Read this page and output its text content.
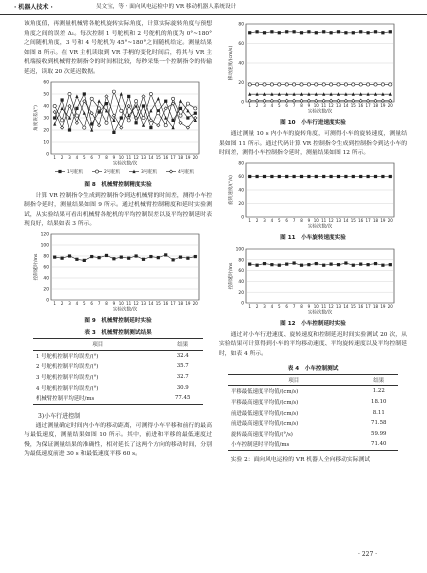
· 机器人技术 ·	吴文宝，等 · 面向风电运检中的 VR 移动机器人系统设计

该角度值，再测量机械臂各舵机旋转实际角度，计算实际旋转角度与预想角度之间的误差 Δ₁。每次控制 1 号舵机和 2 号舵机的角度为 0°~180°之间随机角度，3 号和 4 号舵机为 45°~180°之间随机给定。测量结果如图 8 所示。在 VR 主机读取到 VR 手柄的变化时间后，将其与 VR 主机端接收到机械臂控制指令的时间相比较，每秒采集一个控制指令的传输延迟，读取 20 次延迟数据。

0
10
20
30
40
50
60
1 2 3 4 5 6 7 8 9 10 11 12 13 14 15 16 17 18 19 20
实验次数/次
角度误差/(°)
1号舵机	2号舵机	3号舵机	4号舵机
图 8　机械臂控制精度实验

计算 VR 控制指令生成到控制指令到达机械臂的时间差，测得小车控制指令延时，测量结果如图 9 所示。通过机械臂控制精度和延时实验测试，从实验结果可看出机械臂各舵机的平均控制误差以及平均控制延时表现良好，结果如表 3 所示。

0
20
40
60
80
100
120
1 2 3 4 5 6 7 8 9 10 11 12 13 14 15 16 17 18 19 20
实验次数/次
控制延时/ms
图 9　机械臂控制延时实验
表 3　机械臂控制测试结果
项目	结果
1 号舵机控制平均误差/(°)	32.4
2 号舵机控制平均误差/(°)	35.7
3 号舵机控制平均误差/(°)	32.7
4 号舵机控制平均误差/(°)	30.9
机械臂控制平均延时/ms	77.45
3)小车行进控制

通过测量确定时间内小车的移动距离，可测得小车平移和前行的最高与最低速度，测量结果如图 10 所示。其中，前进和平移的最低速度过慢，为保证测量结果的准确性，相对延长了这两个方向的移动时间，分别为最低速度前进 30 s 和最低速度平移 60 s。

0
20
40
60
80
1 2 3 4 5 6 7 8 9 10 11 12 13 14 15 16 17 18 19 20
实验次数/次
移动速度/(cm/s)
图 10　小车行进速度实验

通过测量 10 s 内小车的旋转角度，可测得小车的旋转速度，测量结果如图 11 所示。通过代码计算 VR 控制指令生成到控制指令到达小车的时间差，测得小车控制指令延时，测量结果如图 12 所示。

0
20
40
60
80
1 2 3 4 5 6 7 8 9 10 11 12 13 14 15 16 17 18 19 20
实验次数/次
旋转速度/(°/s)
图 11　小车旋转速度实验
0
20
40
60
80
100
1 2 3 4 5 6 7 8 9 10 11 12 13 14 15 16 17 18 19 20
实验次数/次
控制延时/ms
图 12　小车控制延时实验

通过对小车行进速度、旋转速度和控制延迟时间实验测试 20 次，从实验结果可计算得到小车的平均移动速度、平均旋转速度以及平均控制延时，如表 4 所示。

表 4　小车控制测试
项目	结果
平移最低速度平均值/(cm/s)	1.22
平移最高速度平均值/(cm/s)	18.10
前进最低速度平均值/(cm/s)	8.11
前进最高速度平均值/(cm/s)	71.58
旋转最高速度平均值/(°/s)	59.99
小车控制延时平均值/ms	71.40

实验 2：面向风电运检的 VR 机器人全向移动实际测试

· 227 ·
